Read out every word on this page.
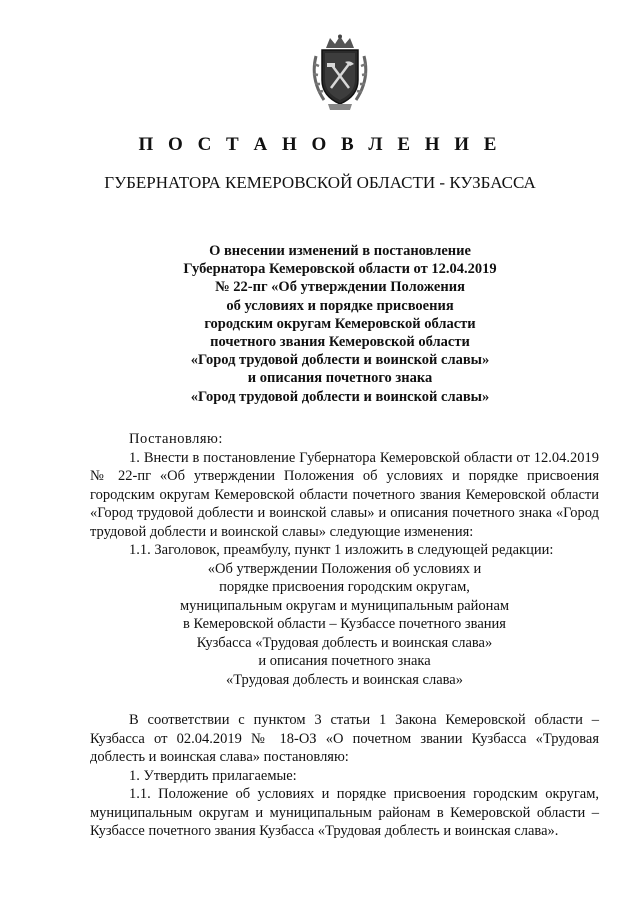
П О С Т А Н О В Л Е Н И Е
ГУБЕРНАТОРА КЕМЕРОВСКОЙ ОБЛАСТИ - КУЗБАССА
О внесении изменений в постановление
Губернатора Кемеровской области от 12.04.2019
№ 22-пг «Об утверждении Положения
об условиях и порядке присвоения
городским округам Кемеровской области
почетного звания Кемеровской области
«Город трудовой доблести и воинской славы»
и описания почетного знака
«Город трудовой доблести и воинской славы»

Постановляю:

1. Внести в постановление Губернатора Кемеровской области от 12.04.2019 № 22-пг «Об утверждении Положения об условиях и порядке присвоения городским округам Кемеровской области почетного звания Кемеровской области «Город трудовой доблести и воинской славы» и описания почетного знака «Город трудовой доблести и воинской славы» следующие изменения:

1.1. Заголовок, преамбулу, пункт 1 изложить в следующей редакции:

«Об утверждении Положения об условиях и
порядке присвоения городским округам,
муниципальным округам и муниципальным районам
в Кемеровской области – Кузбассе почетного звания
Кузбасса «Трудовая доблесть и воинская слава»
и описания почетного знака
«Трудовая доблесть и воинская слава»

В соответствии с пунктом 3 статьи 1 Закона Кемеровской области – Кузбасса от 02.04.2019 № 18-ОЗ «О почетном звании Кузбасса «Трудовая доблесть и воинская слава» постановляю:

1. Утвердить прилагаемые:

1.1. Положение об условиях и порядке присвоения городским округам, муниципальным округам и муниципальным районам в Кемеровской области – Кузбассе почетного звания Кузбасса «Трудовая доблесть и воинская слава».
